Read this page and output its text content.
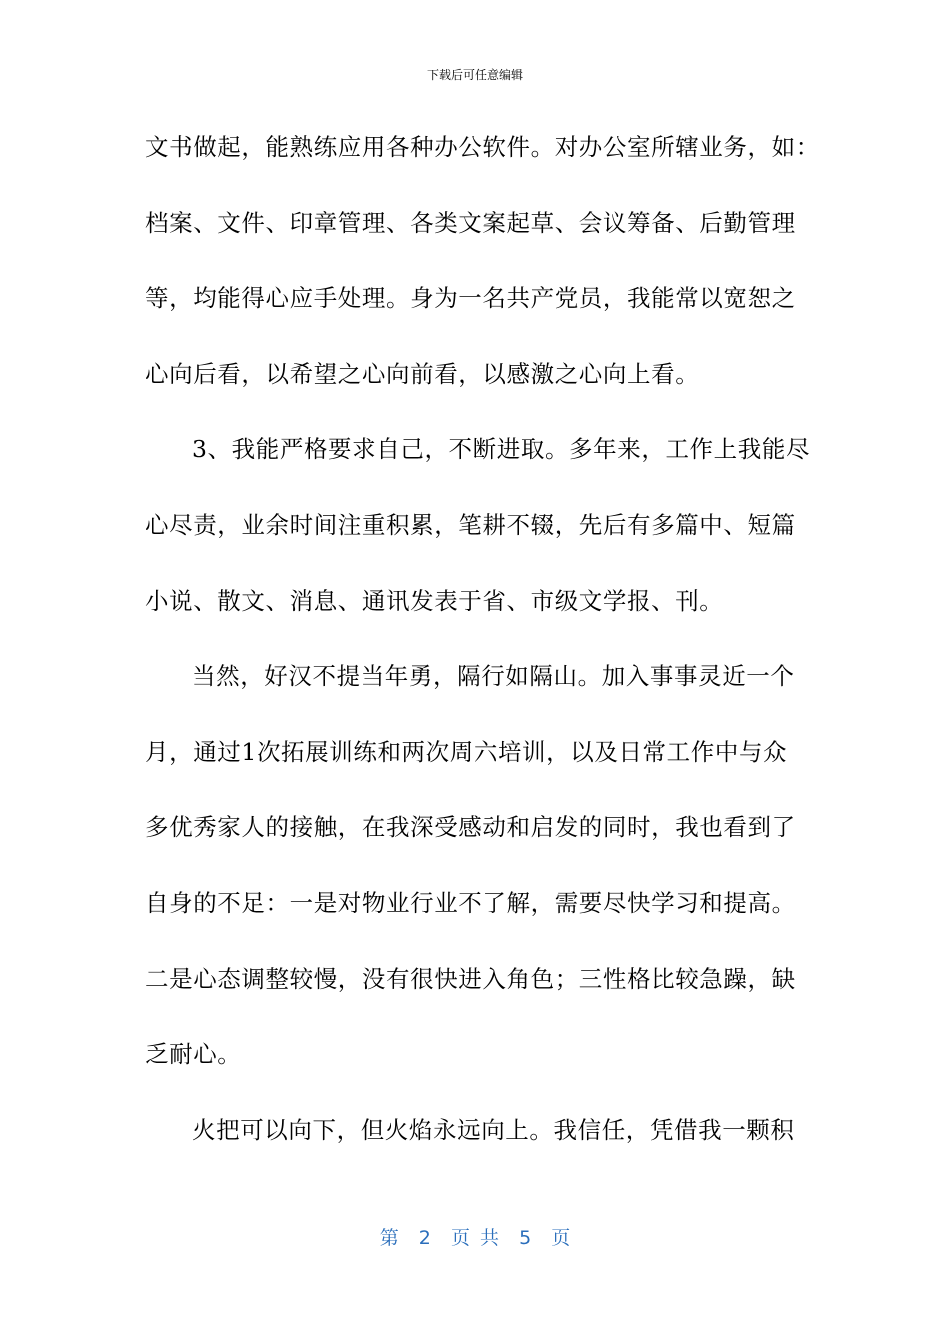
下载后可任意编辑
文书做起，能熟练应用各种办公软件。对办公室所辖业务，如：
档案、文件、印章管理、各类文案起草、会议筹备、后勤管理
等，均能得心应手处理。身为一名共产党员，我能常以宽恕之
心向后看，以希望之心向前看，以感激之心向上看。
3、我能严格要求自己，不断进取。多年来，工作上我能尽
心尽责，业余时间注重积累，笔耕不辍，先后有多篇中、短篇
小说、散文、消息、通讯发表于省、市级文学报、刊。
当然，好汉不提当年勇，隔行如隔山。加入事事灵近一个
月，通过1次拓展训练和两次周六培训，以及日常工作中与众
多优秀家人的接触，在我深受感动和启发的同时，我也看到了
自身的不足：一是对物业行业不了解，需要尽快学习和提高。
二是心态调整较慢，没有很快进入角色；三性格比较急躁，缺
乏耐心。
火把可以向下，但火焰永远向上。我信任，凭借我一颗积
第  2  页 共  5  页
